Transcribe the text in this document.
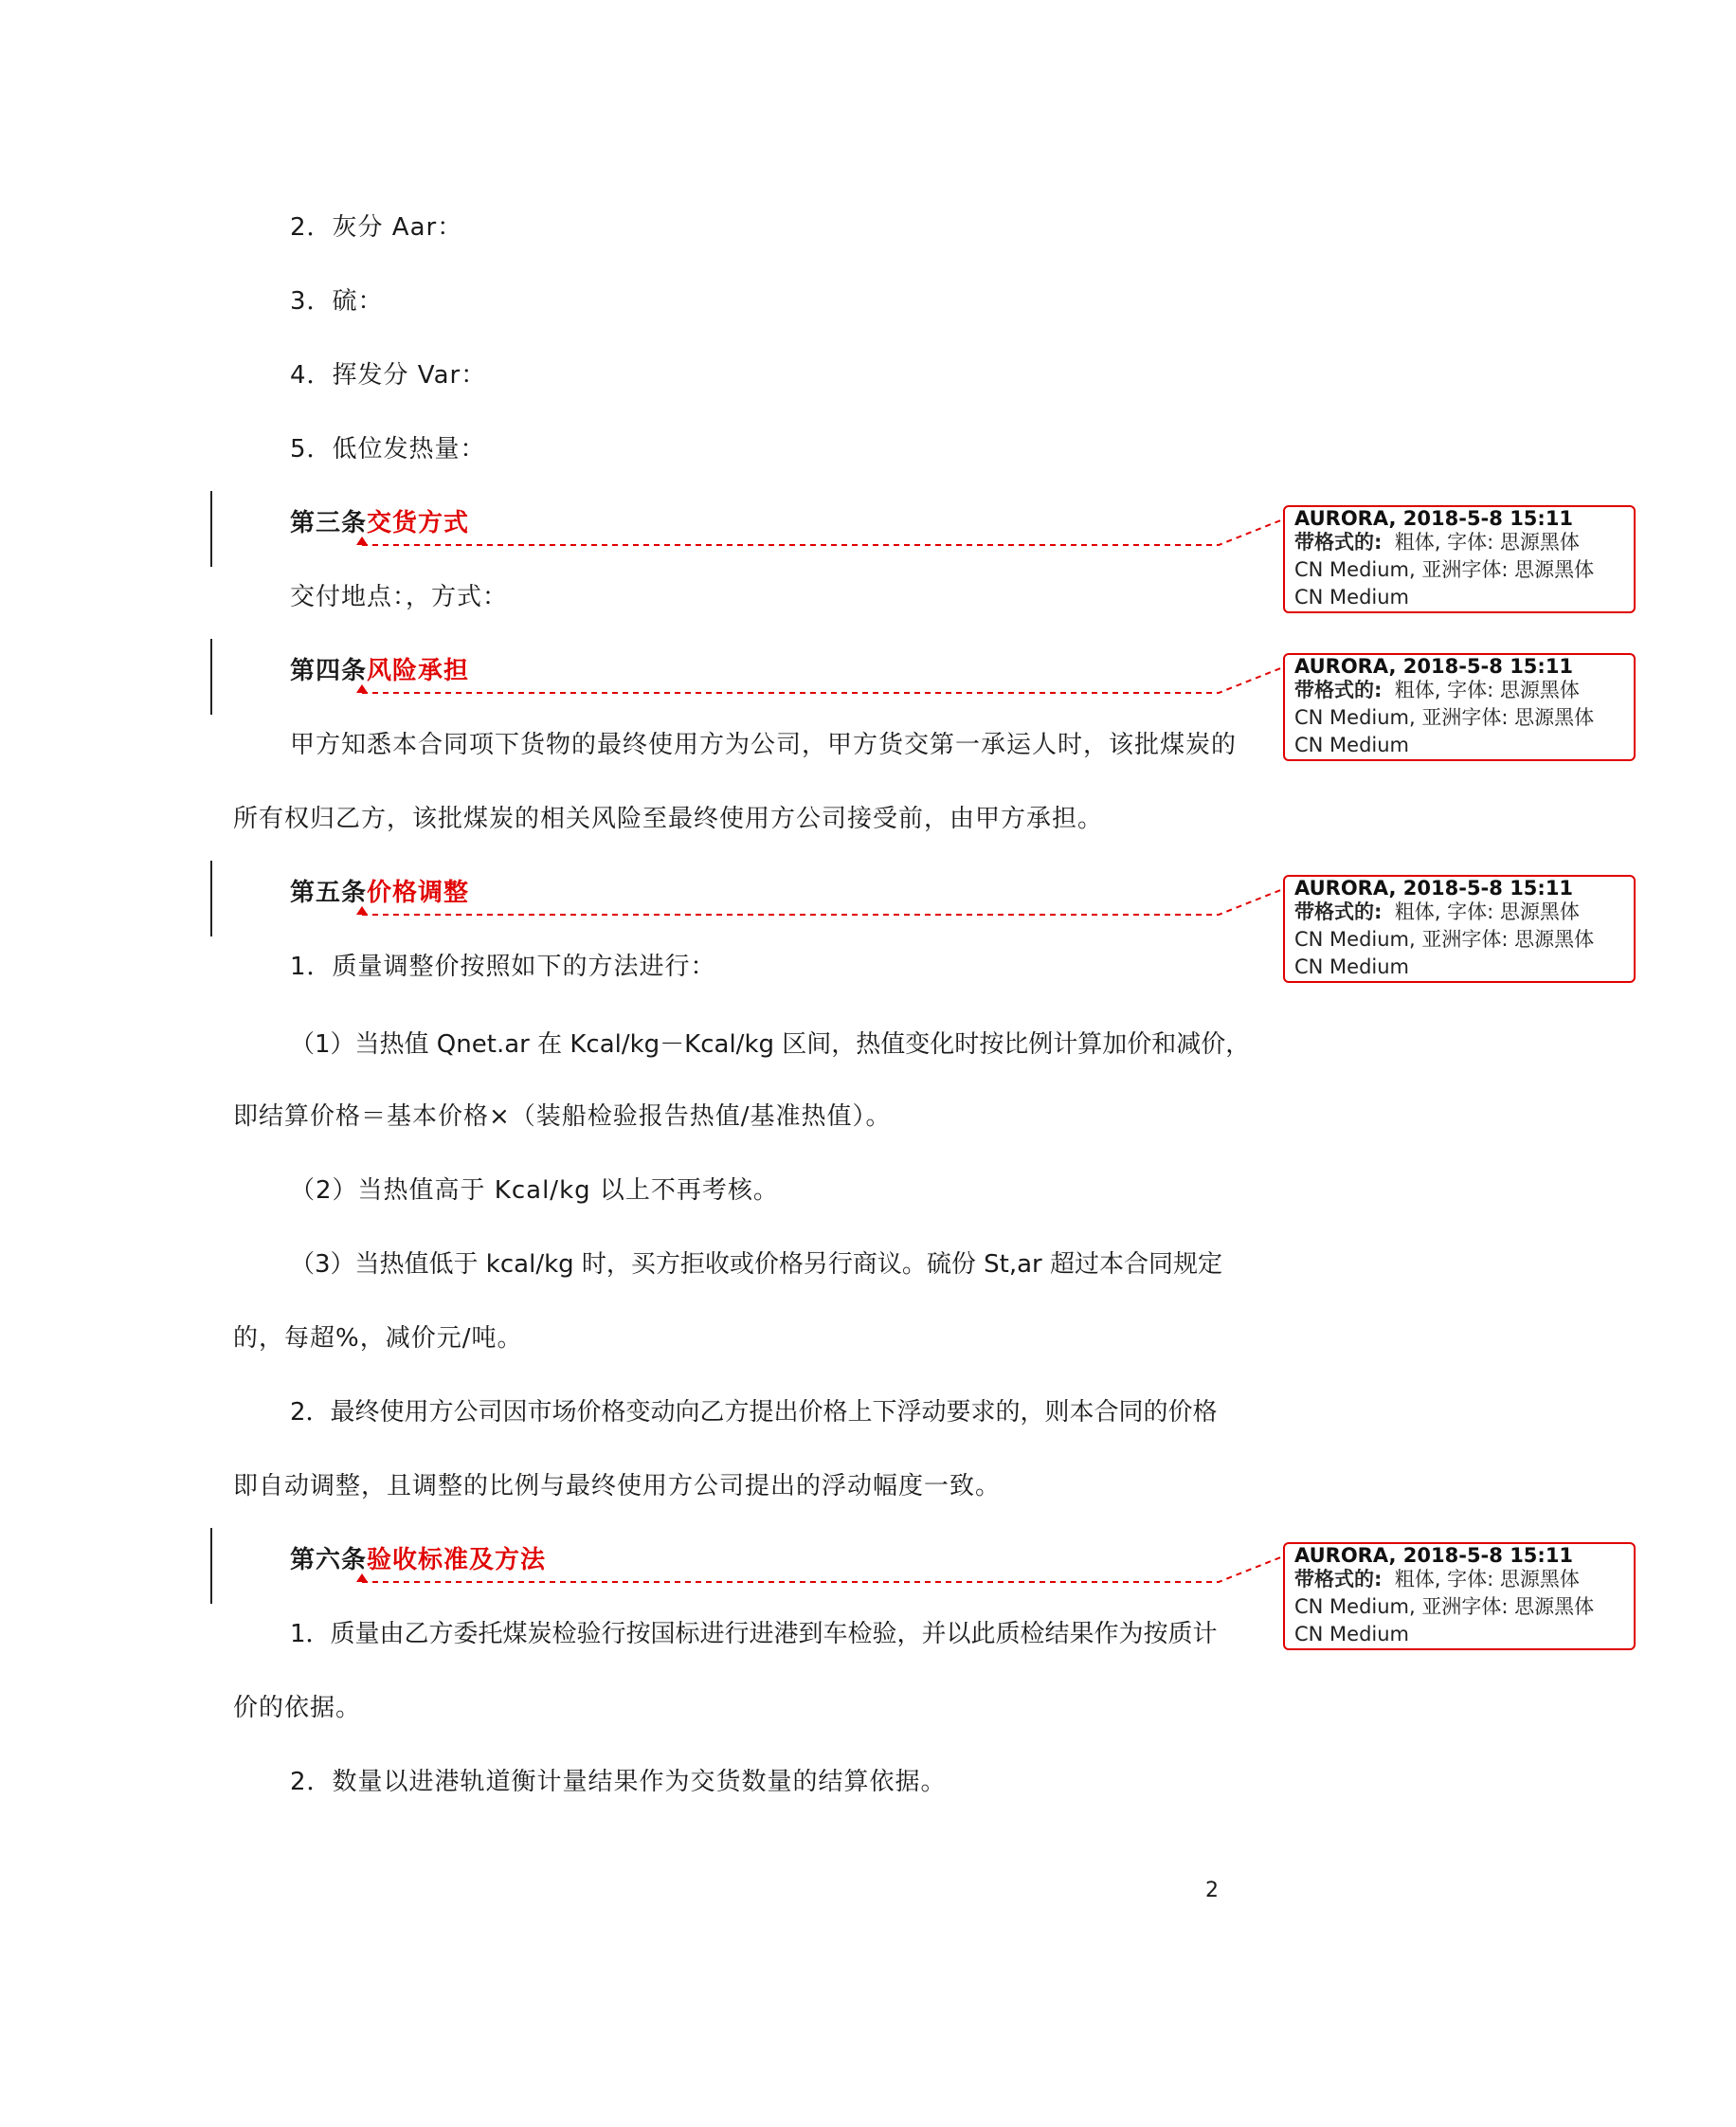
2．灰分 Aar：
3．硫：
4．挥发分 Var：
5．低位发热量：
第三条交货方式
交付地点：，方式：
第四条风险承担
甲方知悉本合同项下货物的最终使用方为公司，甲方货交第一承运人时，该批煤炭的
所有权归乙方，该批煤炭的相关风险至最终使用方公司接受前，由甲方承担。
第五条价格调整
1．质量调整价按照如下的方法进行：
（1）当热值 Qnet.ar 在 Kcal/kg－Kcal/kg 区间，热值变化时按比例计算加价和减价，
即结算价格＝基本价格×（装船检验报告热值/基准热值）。
（2）当热值高于 Kcal/kg 以上不再考核。
（3）当热值低于 kcal/kg 时，买方拒收或价格另行商议。硫份 St,ar 超过本合同规定
的，每超%，减价元/吨。
2．最终使用方公司因市场价格变动向乙方提出价格上下浮动要求的，则本合同的价格
即自动调整，且调整的比例与最终使用方公司提出的浮动幅度一致。
第六条验收标准及方法
1．质量由乙方委托煤炭检验行按国标进行进港到车检验，并以此质检结果作为按质计
价的依据。
2．数量以进港轨道衡计量结果作为交货数量的结算依据。
AURORA, 2018-5-8 15:11
带格式的: 粗体, 字体: 思源黑体
CN Medium, 亚洲字体: 思源黑体
CN Medium
AURORA, 2018-5-8 15:11
带格式的: 粗体, 字体: 思源黑体
CN Medium, 亚洲字体: 思源黑体
CN Medium
AURORA, 2018-5-8 15:11
带格式的: 粗体, 字体: 思源黑体
CN Medium, 亚洲字体: 思源黑体
CN Medium
AURORA, 2018-5-8 15:11
带格式的: 粗体, 字体: 思源黑体
CN Medium, 亚洲字体: 思源黑体
CN Medium
2
